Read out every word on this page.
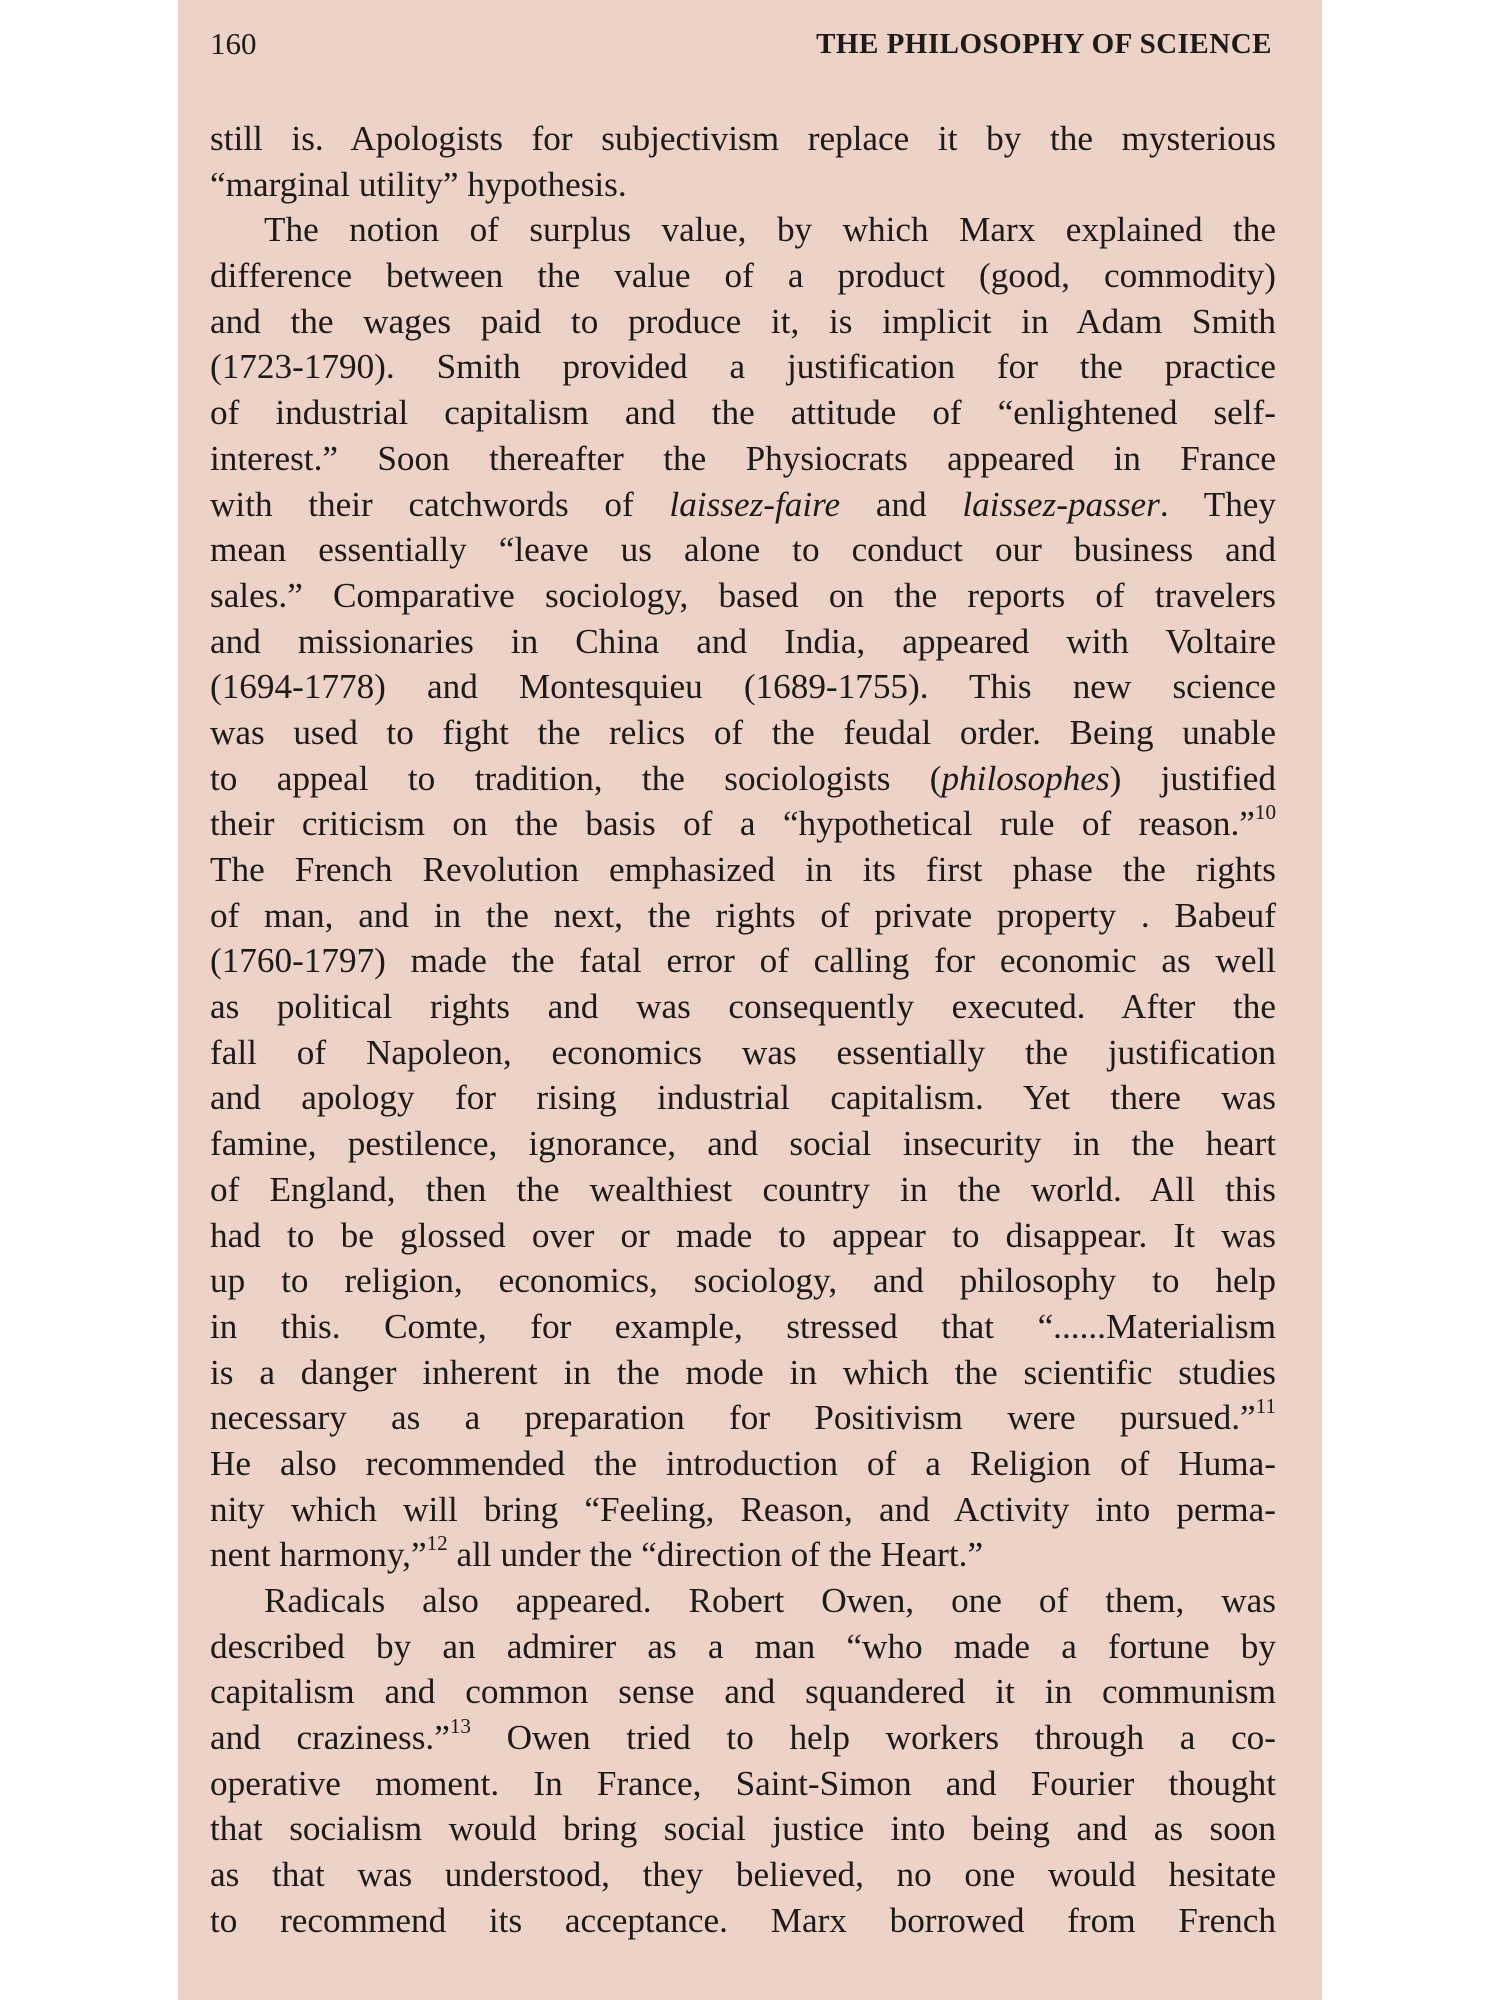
160	THE PHILOSOPHY OF SCIENCE
still is. Apologists for subjectivism replace it by the mysterious
“marginal utility” hypothesis.
The notion of surplus value, by which Marx explained the
difference between the value of a product (good, commodity)
and the wages paid to produce it, is implicit in Adam Smith
(1723-1790). Smith provided a justification for the practice
of industrial capitalism and the attitude of “enlightened self-
interest.” Soon thereafter the Physiocrats appeared in France
with their catchwords of laissez-faire and laissez-passer. They
mean essentially “leave us alone to conduct our business and
sales.” Comparative sociology, based on the reports of travelers
and missionaries in China and India, appeared with Voltaire
(1694-1778) and Montesquieu (1689-1755). This new science
was used to fight the relics of the feudal order. Being unable
to appeal to tradition, the sociologists (philosophes) justified
their criticism on the basis of a “hypothetical rule of reason.”$^{10}$
The French Revolution emphasized in its first phase the rights
of man, and in the next, the rights of private property . Babeuf
(1760-1797) made the fatal error of calling for economic as well
as political rights and was consequently executed. After the
fall of Napoleon, economics was essentially the justification
and apology for rising industrial capitalism. Yet there was
famine, pestilence, ignorance, and social insecurity in the heart
of England, then the wealthiest country in the world. All this
had to be glossed over or made to appear to disappear. It was
up to religion, economics, sociology, and philosophy to help
in this. Comte, for example, stressed that “......Materialism
is a danger inherent in the mode in which the scientific studies
necessary as a preparation for Positivism were pursued.”$^{11}$
He also recommended the introduction of a Religion of Huma-
nity which will bring “Feeling, Reason, and Activity into perma-
nent harmony,”$^{12}$ all under the “direction of the Heart.”
Radicals also appeared. Robert Owen, one of them, was
described by an admirer as a man “who made a fortune by
capitalism and common sense and squandered it in communism
and craziness.”$^{13}$ Owen tried to help workers through a co-
operative moment. In France, Saint-Simon and Fourier thought
that socialism would bring social justice into being and as soon
as that was understood, they believed, no one would hesitate
to recommend its acceptance. Marx borrowed from French
